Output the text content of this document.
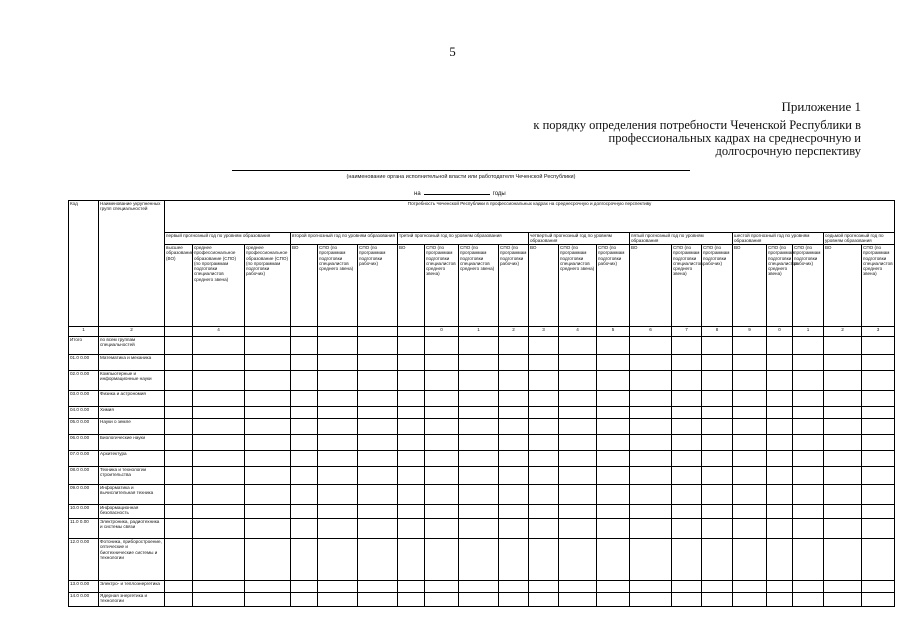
5
Приложение 1
к порядку определения потребности Чеченской Республики в профессиональных кадрах на среднесрочную и долгосрочную перспективу
(наименование органа исполнительной власти или работодателя Чеченской Республики)
на	годы
Код	Наименование укрупненных групп специальностей	Потребность Чеченской Республики в профессиональных кадрах на среднесрочную и долгосрочную перспективу																					
		первый прогнозный год по уровням образования			второй прогнозный год по уровням образования			третий прогнозный год по уровням образования				четвертый прогнозный год по уровням образования			пятый прогнозный год по уровням образования			шестой прогнозный год по уровням образования			седьмой прогнозный год по уровням образования		
		высшее образование (ВО)	среднее профессиональное образование (СПО) (по программам подготовки специалистов среднего звена)	среднее профессиональное образование (СПО) (по программам подготовки рабочих)	ВО	СПО (по программам подготовки специалистов среднего звена)	СПО (по программам подготовки рабочих)	ВО	СПО (по программам подготовки специалистов среднего звена)	СПО (по программам подготовки специалистов среднего звена)	СПО (по программам подготовки рабочих)	ВО	СПО (по программам подготовки специалистов среднего звена)	СПО (по программам подготовки рабочих)	ВО	СПО (по программам подготовки специалистов среднего звена)	СПО (по программам подготовки рабочих)	ВО	СПО (по программам подготовки специалистов среднего звена)	СПО (по программам подготовки рабочих)	ВО	СПО (по программам подготовки специалистов среднего звена)	
1	2		4						0	1	2	3	4	5	6	7	8	9	0	1	2	3	
Итого	по всем группам специальностей																						
01.0 0.00	Математика и механика																						
02.0 0.00	Компьютерные и информационные науки																						
03.0 0.00	Физика и астрономия																						
04.0 0.00	Химия																						
05.0 0.00	Науки о земле																						
06.0 0.00	Биологические науки																						
07.0 0.00	Архитектура																						
08.0 0.00	Техника и технологии строительства																						
09.0 0.00	Информатика и вычислительная техника																						
10.0 0.00	Информационная безопасность																						
11.0 0.00	Электроника, радиотехника и системы связи																						
12.0 0.00	Фотоника, приборостроение, оптические и биотехнические системы и технологии																						
13.0 0.00	Электро- и теплоэнергетика																						
14.0 0.00	Ядерная энергетика и технологии																						
